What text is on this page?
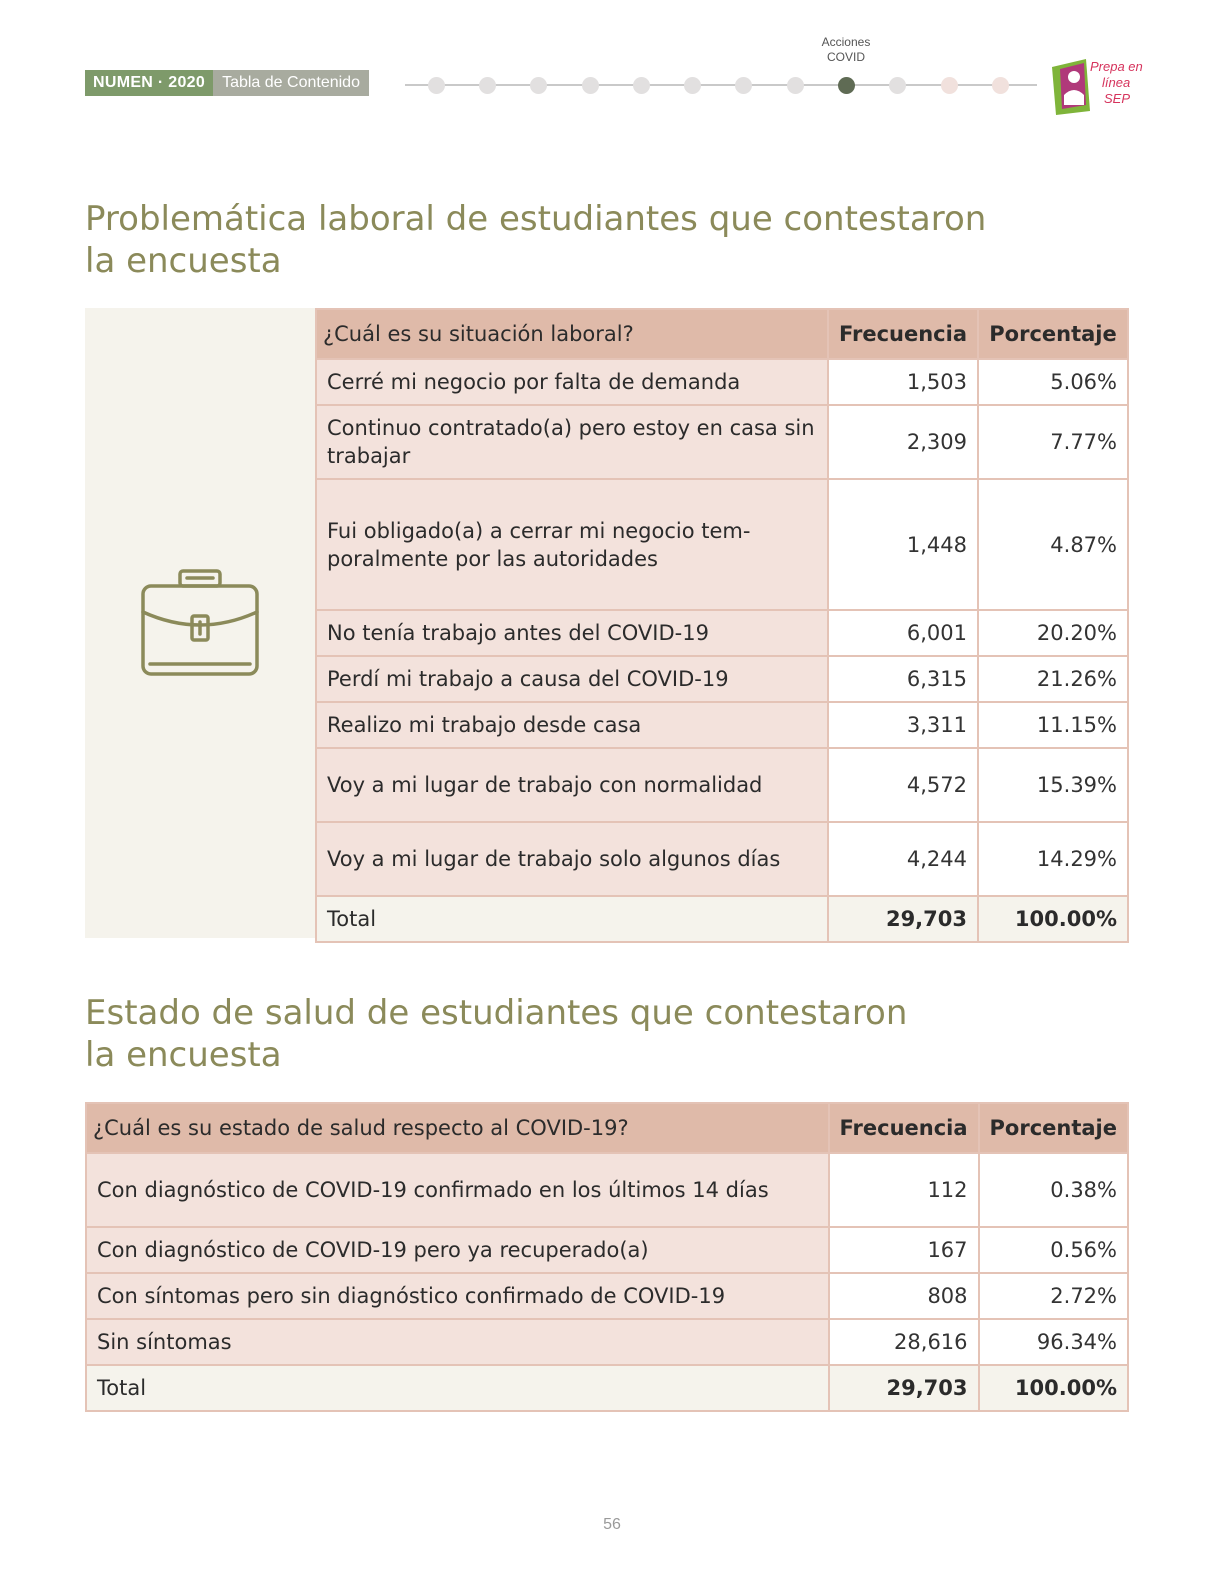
NUMEN · 2020	Tabla de Contenido
Acciones
COVID
Prepa en
línea
SEP
Problemática laboral de estudiantes que contestaron
la encuesta
¿Cuál es su situación laboral?	Frecuencia	Porcentaje
Cerré mi negocio por falta de demanda	1,503	5.06%
Continuo contratado(a) pero estoy en casa sin trabajar	2,309	7.77%
Fui obligado(a) a cerrar mi negocio tem-poralmente por las autoridades	1,448	4.87%
No tenía trabajo antes del COVID-19	6,001	20.20%
Perdí mi trabajo a causa del COVID-19	6,315	21.26%
Realizo mi trabajo desde casa	3,311	11.15%
Voy a mi lugar de trabajo con normalidad	4,572	15.39%
Voy a mi lugar de trabajo solo algunos días	4,244	14.29%
Total	29,703	100.00%
Estado de salud de estudiantes que contestaron
la encuesta
¿Cuál es su estado de salud respecto al COVID-19?	Frecuencia	Porcentaje
Con diagnóstico de COVID-19 confirmado en los últimos 14 días	112	0.38%
Con diagnóstico de COVID-19 pero ya recuperado(a)	167	0.56%
Con síntomas pero sin diagnóstico confirmado de COVID-19	808	2.72%
Sin síntomas	28,616	96.34%
Total	29,703	100.00%
56
